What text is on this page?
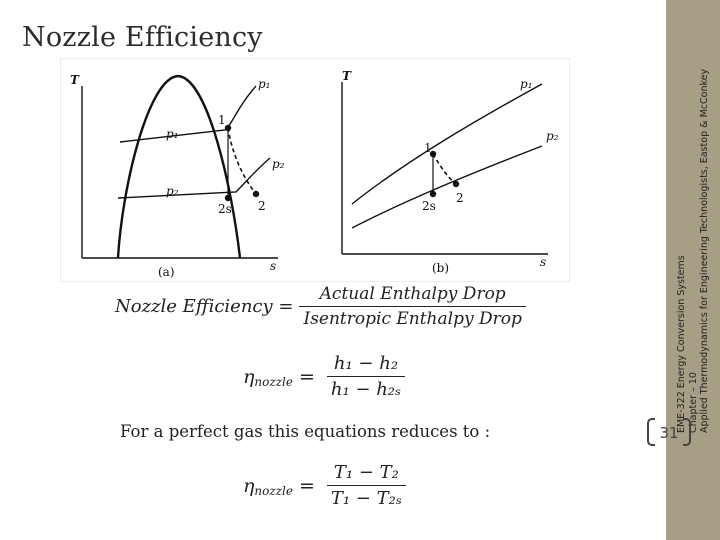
Nozzle Efficiency
EME-322 Energy Conversion Systems Chapter – 10 Applied Thermodynamics for Engineering Technologists, Eastop & McConkey
31
T
s
(a)
p₁
p₁
p₂
p₂
1
2s 2
T
s
(b)
p₁
p₂
1
2s
2
Nozzle Efficiency = $\frac{\text{Actual Enthalpy Drop}}{\text{Isentropic Enthalpy Drop}}$
η nozzle = $\frac{\text{h₁ − h₂}}{\text{h₁ − h₂ₛ}}$
For a perfect gas this equations reduces to :
η nozzle = $\frac{\text{T₁ − T₂}}{\text{T₁ − T₂ₛ}}$
